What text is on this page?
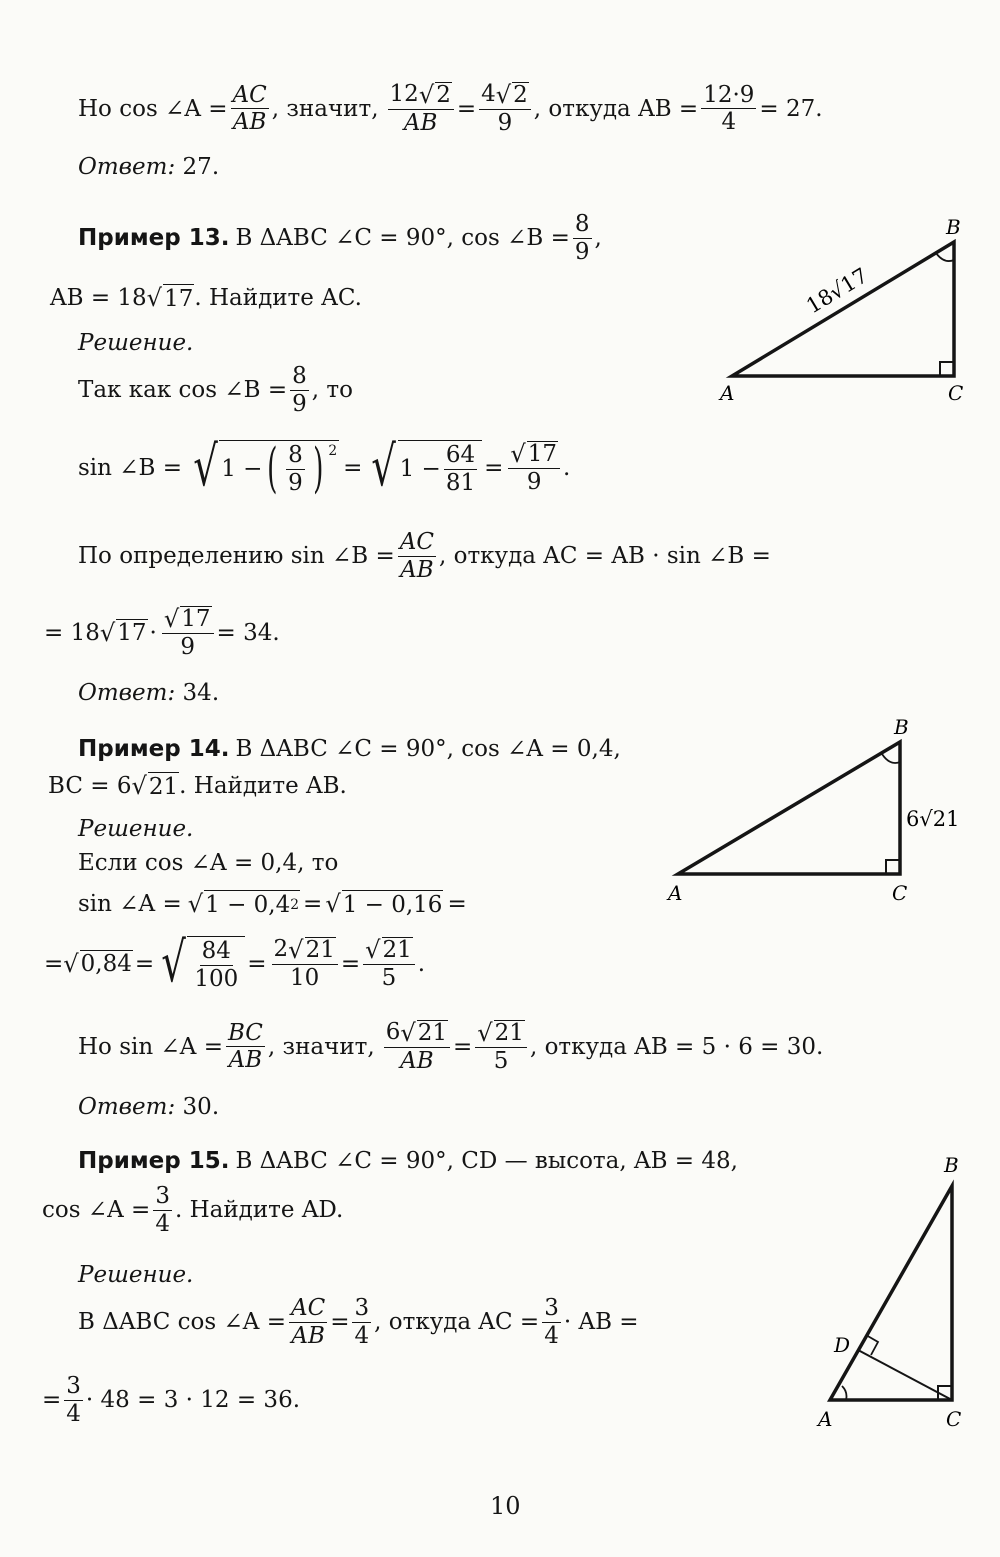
Но cos ∠A = $\frac{AC}{AB}$ , значит, $\frac{12 √ 2}{AB} = \frac{4 √ 2}{9}$ , откуда AB = $\frac{12\cdot 9}{4} = 27$.
Ответ: 27.
Пример 13. В ΔABC ∠C = 90°, cos ∠B = $\frac{8}{9}$ ,
AB = 18 √ 17 . Найдите AC.
Решение.
Так как cos ∠B = $\frac{8}{9}$ , то
sin ∠B = √ 1 − ( $\frac{8}{9}$ ) $^2$
= √ $1 - \frac{64}{81} = \frac{√ 17}{9}$ .
По определению sin ∠B = $\frac{AC}{AB}$ , откуда AC = AB · sin ∠B =
= 18 √ $17 \cdot \frac{√ 17}{9} = 34$.
Ответ: 34.
A
B
C
18√17
Пример 14. В ΔABC ∠C = 90°, cos ∠A = 0,4,
BC = 6 √ 21 . Найдите AB.
Решение.
Если cos ∠A = 0,4, то
sin ∠A = √ 1 − 0,4 2 = √ 1 − 0,16 =
= √ 0,84 = √ $\frac{84}{100} = \frac{2 √ 21}{10} = \frac{√ 21}{5}$ .
Но sin ∠A = $\frac{BC}{AB}$ , значит, $\frac{6 √ 21}{AB} = \frac{√ 21}{5}$ , откуда AB = 5 · 6 = 30.
Ответ: 30.
A
B
C
6√21
Пример 15. В ΔABC ∠C = 90°, CD — высота, AB = 48,
cos ∠A = $\frac{3}{4}$ . Найдите AD.
Решение.
В ΔABC cos ∠A = $\frac{AC}{AB} = \frac{3}{4}$ , откуда AC = $\frac{3}{4}$ · AB =
= $\frac{3}{4} \cdot 48 = 3 \cdot 12 = 36$.
A
B
C
D
10
